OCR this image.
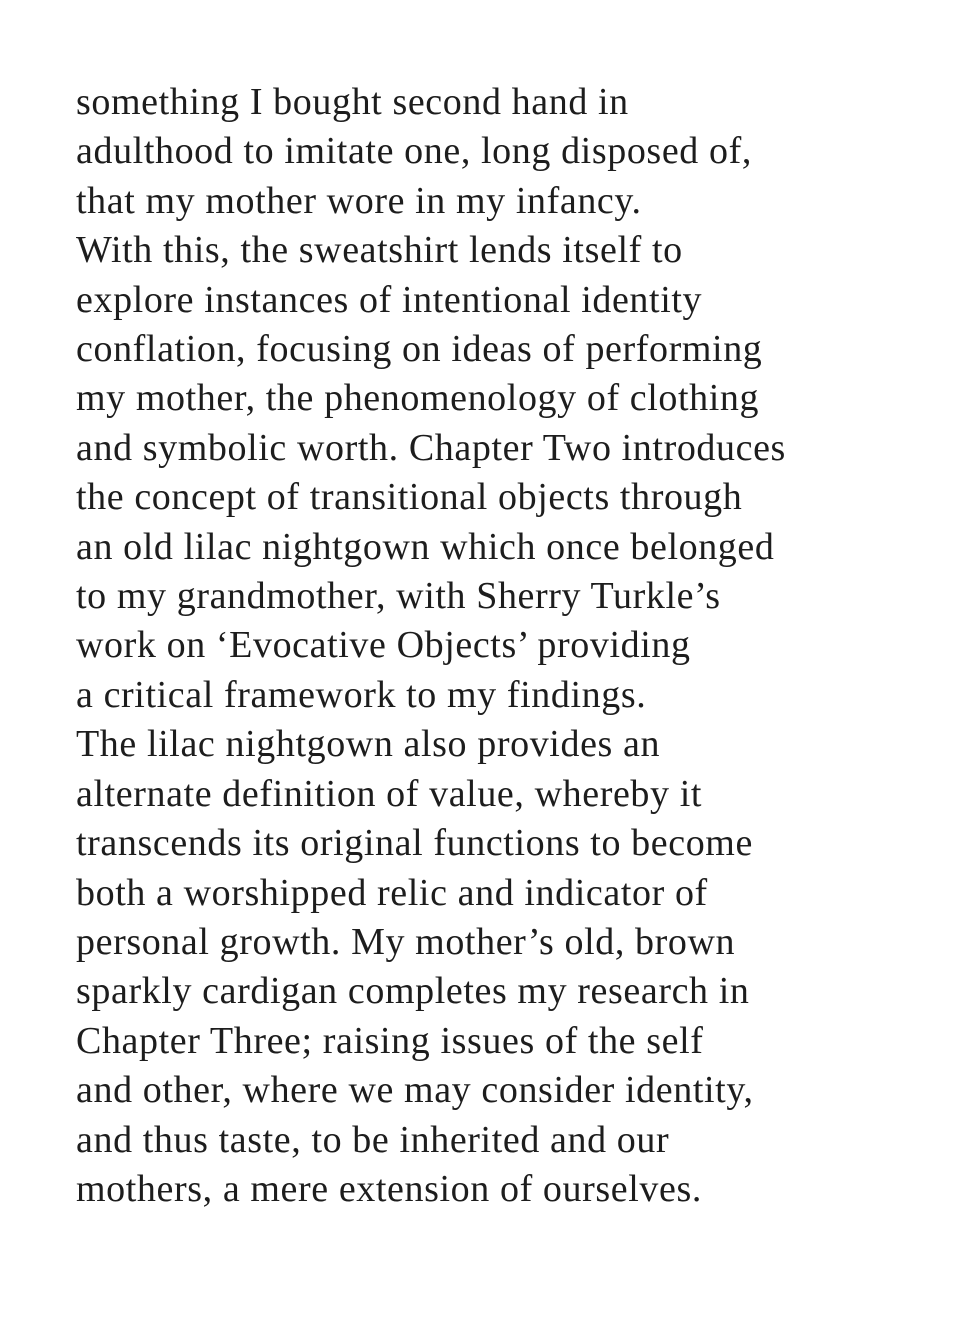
something I bought second hand in
adulthood to imitate one, long disposed of,
that my mother wore in my infancy.
With this, the sweatshirt lends itself to
explore instances of intentional identity
conflation, focusing on ideas of performing
my mother, the phenomenology of clothing
and symbolic worth. Chapter Two introduces
the concept of transitional objects through
an old lilac nightgown which once belonged
to my grandmother, with Sherry Turkle’s
work on ‘Evocative Objects’ providing
a critical framework to my findings.
The lilac nightgown also provides an
alternate definition of value, whereby it
transcends its original functions to become
both a worshipped relic and indicator of
personal growth. My mother’s old, brown
sparkly cardigan completes my research in
Chapter Three; raising issues of the self
and other, where we may consider identity,
and thus taste, to be inherited and our
mothers, a mere extension of ourselves.
